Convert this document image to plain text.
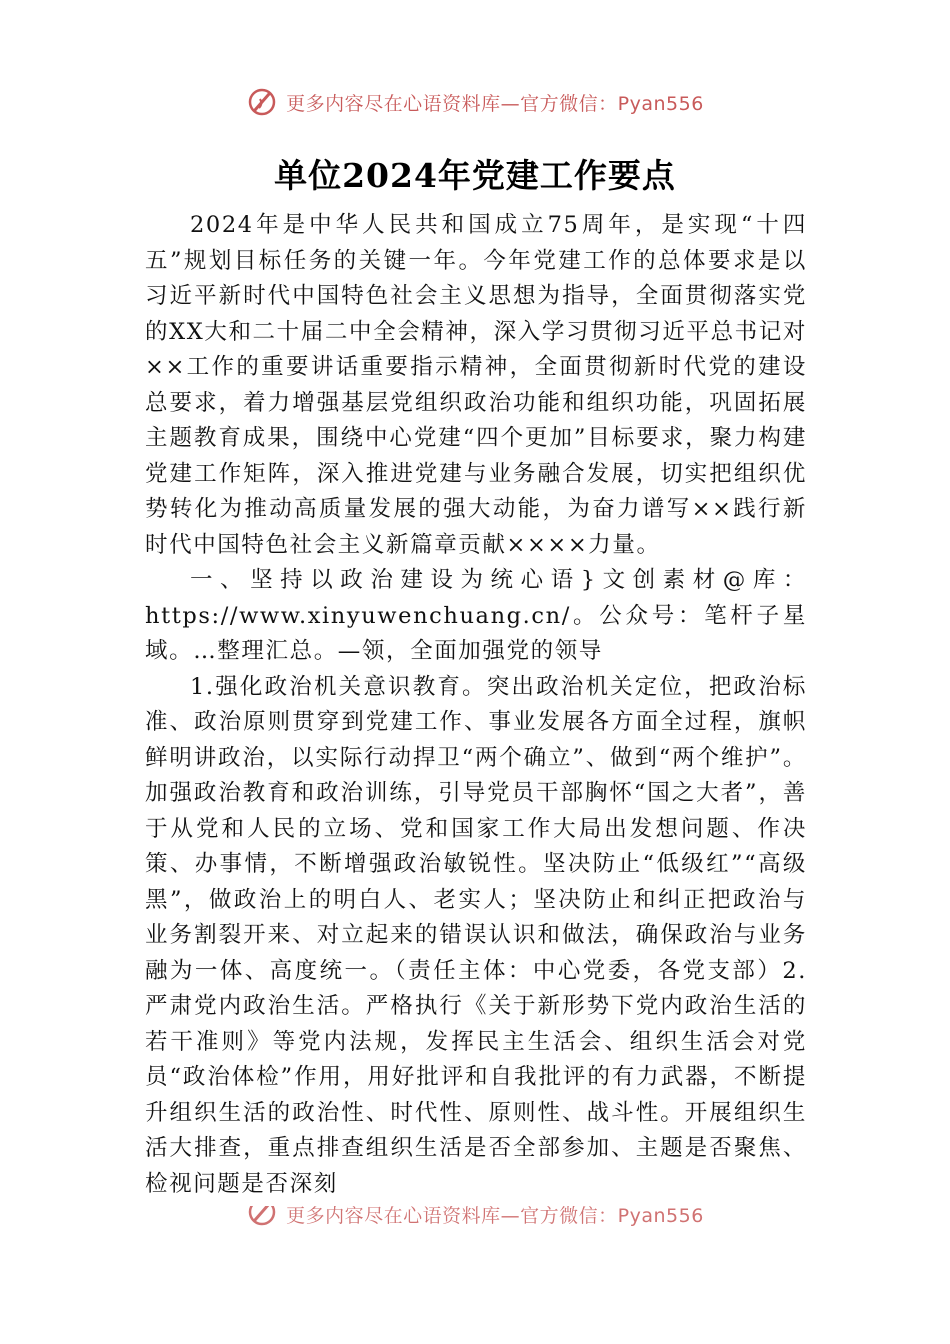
更多内容尽在心语资料库—官方微信：Pyan556
单位2024年党建工作要点

2024年是中华人民共和国成立75周年，是实现“十四五”规划目标任务的关键一年。今年党建工作的总体要求是以习近平新时代中国特色社会主义思想为指导，全面贯彻落实党的XX大和二十届二中全会精神，深入学习贯彻习近平总书记对××工作的重要讲话重要指示精神，全面贯彻新时代党的建设总要求，着力增强基层党组织政治功能和组织功能，巩固拓展主题教育成果，围绕中心党建“四个更加”目标要求，聚力构建党建工作矩阵，深入推进党建与业务融合发展，切实把组织优势转化为推动高质量发展的强大动能，为奋力谱写××践行新时代中国特色社会主义新篇章贡献××××力量。

一、坚持以政治建设为统心语}文创素材@库：https://www.xinyuwenchuang.cn/。公众号：笔杆子星域。…整理汇总。—领，全面加强党的领导

1.强化政治机关意识教育。突出政治机关定位，把政治标准、政治原则贯穿到党建工作、事业发展各方面全过程，旗帜鲜明讲政治，以实际行动捍卫“两个确立”、做到“两个维护”。加强政治教育和政治训练，引导党员干部胸怀“国之大者”，善于从党和人民的立场、党和国家工作大局出发想问题、作决策、办事情，不断增强政治敏锐性。坚决防止“低级红”“高级黑”，做政治上的明白人、老实人；坚决防止和纠正把政治与业务割裂开来、对立起来的错误认识和做法，确保政治与业务融为一体、高度统一。（责任主体：中心党委，各党支部）2.严肃党内政治生活。严格执行《关于新形势下党内政治生活的若干准则》等党内法规，发挥民主生活会、组织生活会对党员“政治体检”作用，用好批评和自我批评的有力武器，不断提升组织生活的政治性、时代性、原则性、战斗性。开展组织生活大排查，重点排查组织生活是否全部参加、主题是否聚焦、检视问题是否深刻

更多内容尽在心语资料库—官方微信：Pyan556
